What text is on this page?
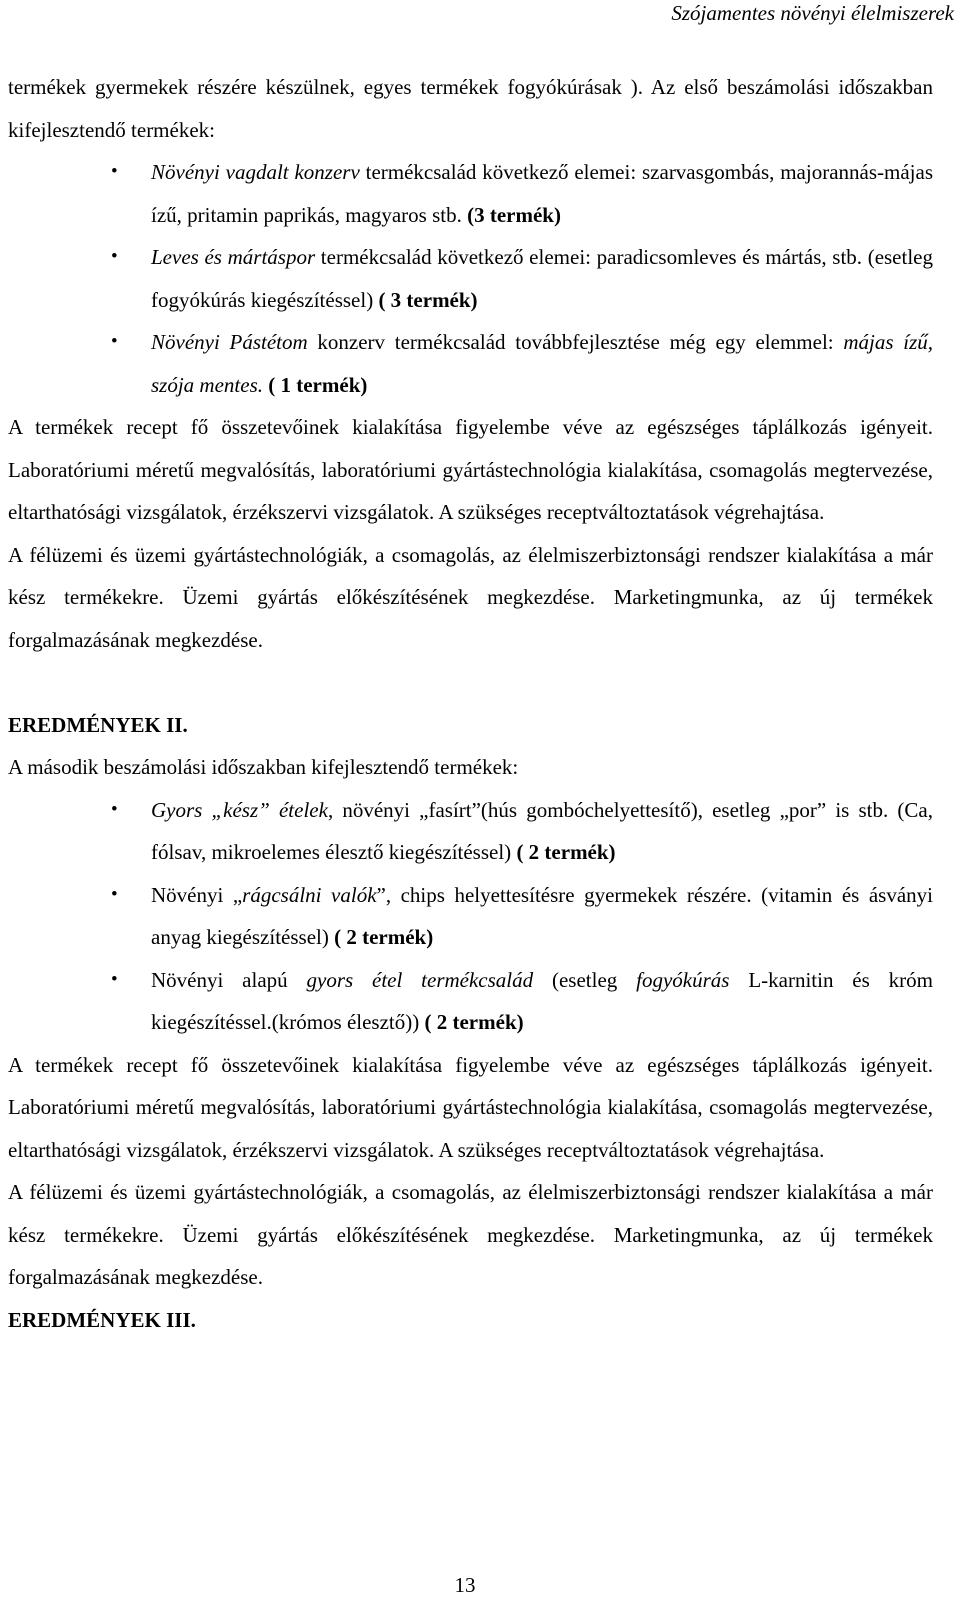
Szójamentes növényi élelmiszerek

termékek gyermekek részére készülnek, egyes termékek fogyókúrásak ). Az első beszámolási időszakban kifejlesztendő termékek:

• Növényi vagdalt konzerv termékcsalád következő elemei: szarvasgombás, majorannás-májas ízű, pritamin paprikás, magyaros stb. (3 termék)
• Leves és mártáspor termékcsalád következő elemei: paradicsomleves és mártás, stb. (esetleg fogyókúrás kiegészítéssel) ( 3 termék)
• Növényi Pástétom konzerv termékcsalád továbbfejlesztése még egy elemmel: májas ízű, szója mentes. ( 1 termék)

A termékek recept fő összetevőinek kialakítása figyelembe véve az egészséges táplálkozás igényeit. Laboratóriumi méretű megvalósítás, laboratóriumi gyártástechnológia kialakítása, csomagolás megtervezése, eltarthatósági vizsgálatok, érzékszervi vizsgálatok. A szükséges receptváltoztatások végrehajtása.

A félüzemi és üzemi gyártástechnológiák, a csomagolás, az élelmiszerbiztonsági rendszer kialakítása a már kész termékekre. Üzemi gyártás előkészítésének megkezdése. Marketingmunka, az új termékek forgalmazásának megkezdése.

EREDMÉNYEK II.

A második beszámolási időszakban kifejlesztendő termékek:

• Gyors „kész” ételek, növényi „fasírt”(hús gombóchelyettesítő), esetleg „por” is stb. (Ca, fólsav, mikroelemes élesztő kiegészítéssel) ( 2 termék)
• Növényi „rágcsálni valók”, chips helyettesítésre gyermekek részére. (vitamin és ásványi anyag kiegészítéssel) ( 2 termék)
• Növényi alapú gyors étel termékcsalád (esetleg fogyókúrás L-karnitin és króm kiegészítéssel.(krómos élesztő)) ( 2 termék)

A termékek recept fő összetevőinek kialakítása figyelembe véve az egészséges táplálkozás igényeit. Laboratóriumi méretű megvalósítás, laboratóriumi gyártástechnológia kialakítása, csomagolás megtervezése, eltarthatósági vizsgálatok, érzékszervi vizsgálatok. A szükséges receptváltoztatások végrehajtása.

A félüzemi és üzemi gyártástechnológiák, a csomagolás, az élelmiszerbiztonsági rendszer kialakítása a már kész termékekre. Üzemi gyártás előkészítésének megkezdése. Marketingmunka, az új termékek forgalmazásának megkezdése.

EREDMÉNYEK III.
13
